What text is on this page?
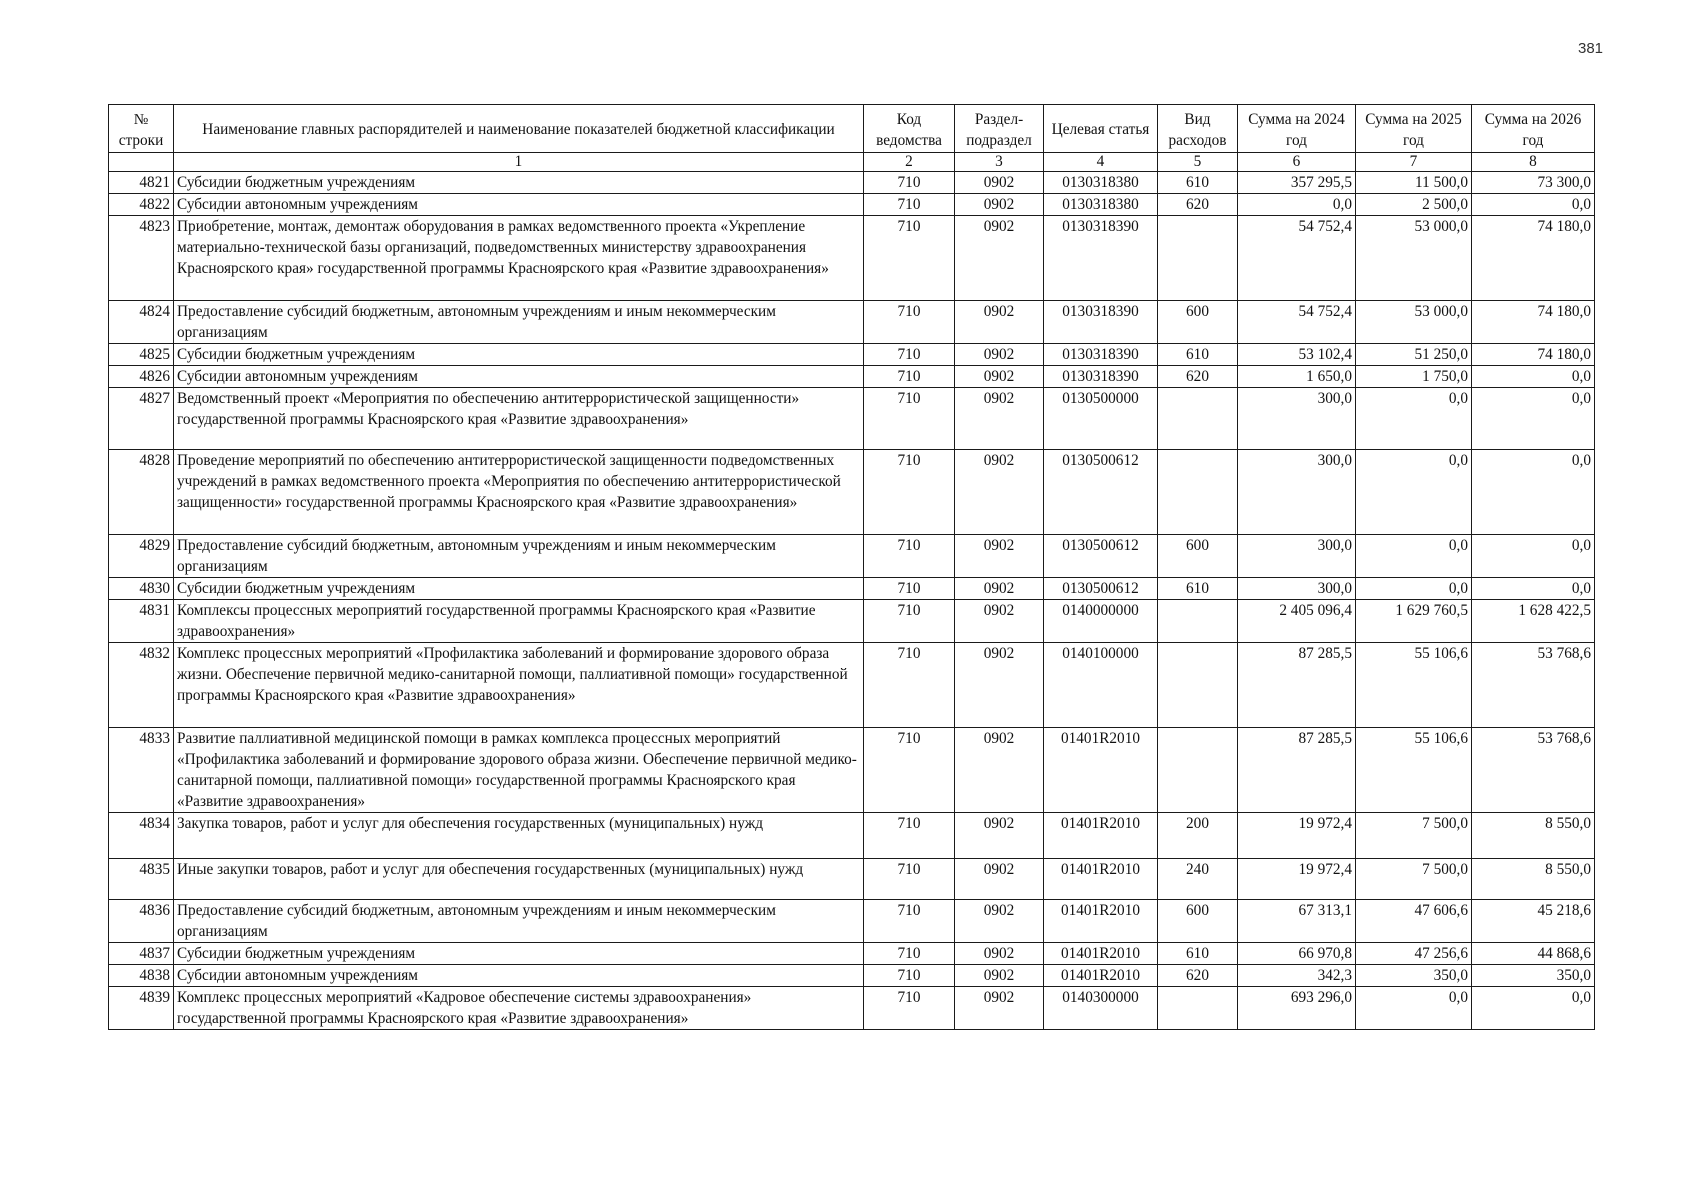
381
№ строки	Наименование главных распорядителей и наименование показателей бюджетной классификации	Код ведомства	Раздел-подраздел	Целевая статья	Вид расходов	Сумма на 2024 год	Сумма на 2025 год	Сумма на 2026 год
	1	2	3	4	5	6	7	8
4821	Субсидии бюджетным учреждениям	710	0902	0130318380	610	357 295,5	11 500,0	73 300,0
4822	Субсидии автономным учреждениям	710	0902	0130318380	620	0,0	2 500,0	0,0
4823	Приобретение, монтаж, демонтаж оборудования в рамках ведомственного проекта «Укрепление материально-технической базы организаций, подведомственных министерству здравоохранения Красноярского края» государственной программы Красноярского края «Развитие здравоохранения»	710	0902	0130318390		54 752,4	53 000,0	74 180,0
4824	Предоставление субсидий бюджетным, автономным учреждениям и иным некоммерческим организациям	710	0902	0130318390	600	54 752,4	53 000,0	74 180,0
4825	Субсидии бюджетным учреждениям	710	0902	0130318390	610	53 102,4	51 250,0	74 180,0
4826	Субсидии автономным учреждениям	710	0902	0130318390	620	1 650,0	1 750,0	0,0
4827	Ведомственный проект «Мероприятия по обеспечению антитеррористической защищенности» государственной программы Красноярского края «Развитие здравоохранения»	710	0902	0130500000		300,0	0,0	0,0
4828	Проведение мероприятий по обеспечению антитеррористической защищенности подведомственных учреждений в рамках ведомственного проекта «Мероприятия по обеспечению антитеррористической защищенности» государственной программы Красноярского края «Развитие здравоохранения»	710	0902	0130500612		300,0	0,0	0,0
4829	Предоставление субсидий бюджетным, автономным учреждениям и иным некоммерческим организациям	710	0902	0130500612	600	300,0	0,0	0,0
4830	Субсидии бюджетным учреждениям	710	0902	0130500612	610	300,0	0,0	0,0
4831	Комплексы процессных мероприятий государственной программы Красноярского края «Развитие здравоохранения»	710	0902	0140000000		2 405 096,4	1 629 760,5	1 628 422,5
4832	Комплекс процессных мероприятий «Профилактика заболеваний и формирование здорового образа жизни. Обеспечение первичной медико-санитарной помощи, паллиативной помощи» государственной программы Красноярского края «Развитие здравоохранения»	710	0902	0140100000		87 285,5	55 106,6	53 768,6
4833	Развитие паллиативной медицинской помощи в рамках комплекса процессных мероприятий «Профилактика заболеваний и формирование здорового образа жизни. Обеспечение первичной медико-санитарной помощи, паллиативной помощи» государственной программы Красноярского края «Развитие здравоохранения»	710	0902	01401R2010		87 285,5	55 106,6	53 768,6
4834	Закупка товаров, работ и услуг для обеспечения государственных (муниципальных) нужд	710	0902	01401R2010	200	19 972,4	7 500,0	8 550,0
4835	Иные закупки товаров, работ и услуг для обеспечения государственных (муниципальных) нужд	710	0902	01401R2010	240	19 972,4	7 500,0	8 550,0
4836	Предоставление субсидий бюджетным, автономным учреждениям и иным некоммерческим организациям	710	0902	01401R2010	600	67 313,1	47 606,6	45 218,6
4837	Субсидии бюджетным учреждениям	710	0902	01401R2010	610	66 970,8	47 256,6	44 868,6
4838	Субсидии автономным учреждениям	710	0902	01401R2010	620	342,3	350,0	350,0
4839	Комплекс процессных мероприятий «Кадровое обеспечение системы здравоохранения» государственной программы Красноярского края «Развитие здравоохранения»	710	0902	0140300000		693 296,0	0,0	0,0
